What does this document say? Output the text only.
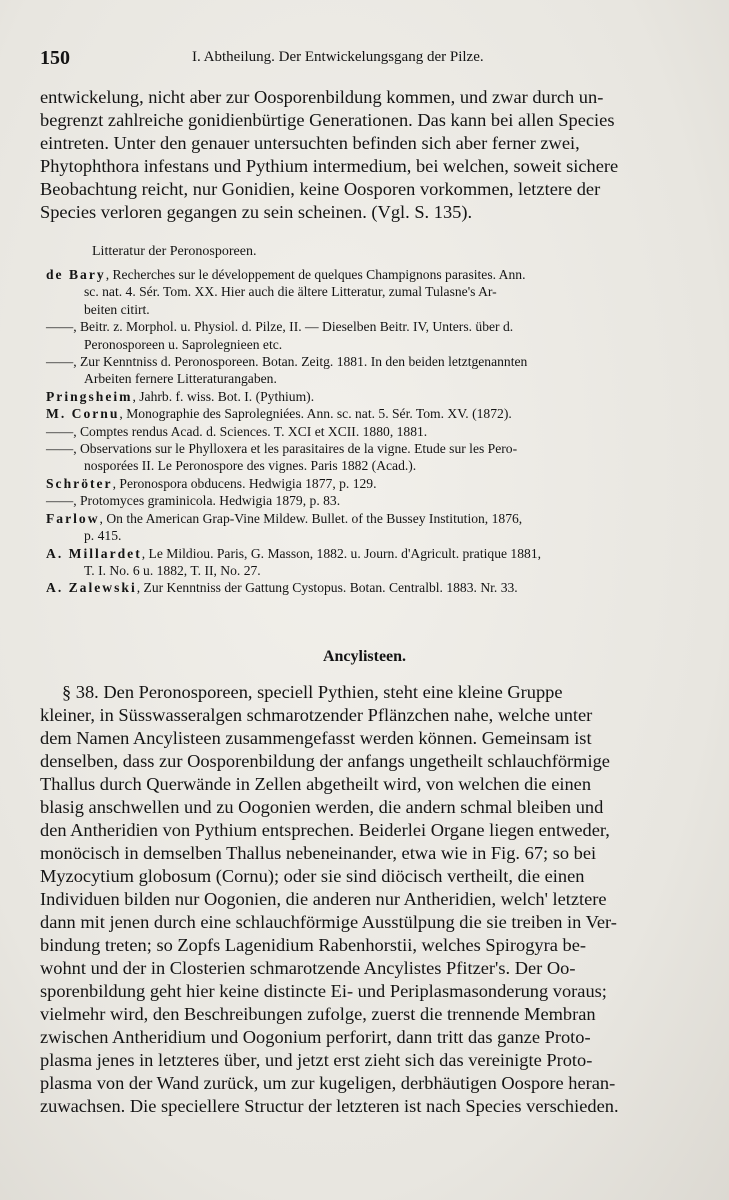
150	I. Abtheilung. Der Entwickelungsgang der Pilze.
entwickelung, nicht aber zur Oosporenbildung kommen, und zwar durch un-
begrenzt zahlreiche gonidienbürtige Generationen. Das kann bei allen Species
eintreten. Unter den genauer untersuchten befinden sich aber ferner zwei,
Phytophthora infestans und Pythium intermedium, bei welchen, soweit sichere
Beobachtung reicht, nur Gonidien, keine Oosporen vorkommen, letztere der
Species verloren gegangen zu sein scheinen. (Vgl. S. 135).
Litteratur der Peronosporeen.
de Bary, Recherches sur le développement de quelques Champignons parasites. Ann.
sc. nat. 4. Sér. Tom. XX. Hier auch die ältere Litteratur, zumal Tulasne's Ar-
beiten citirt.
——, Beitr. z. Morphol. u. Physiol. d. Pilze, II. — Dieselben Beitr. IV, Unters. über d.
Peronosporeen u. Saprolegnieen etc.
——, Zur Kenntniss d. Peronosporeen. Botan. Zeitg. 1881. In den beiden letztgenannten
Arbeiten fernere Litteraturangaben.
Pringsheim, Jahrb. f. wiss. Bot. I. (Pythium).
M. Cornu, Monographie des Saprolegniées. Ann. sc. nat. 5. Sér. Tom. XV. (1872).
——, Comptes rendus Acad. d. Sciences. T. XCI et XCII. 1880, 1881.
——, Observations sur le Phylloxera et les parasitaires de la vigne. Etude sur les Pero-
nosporées II. Le Peronospore des vignes. Paris 1882 (Acad.).
Schröter, Peronospora obducens. Hedwigia 1877, p. 129.
——, Protomyces graminicola. Hedwigia 1879, p. 83.
Farlow, On the American Grap-Vine Mildew. Bullet. of the Bussey Institution, 1876,
p. 415.
A. Millardet, Le Mildiou. Paris, G. Masson, 1882. u. Journ. d'Agricult. pratique 1881,
T. I. No. 6 u. 1882, T. II, No. 27.
A. Zalewski, Zur Kenntniss der Gattung Cystopus. Botan. Centralbl. 1883. Nr. 33.
Ancylisteen.
§ 38. Den Peronosporeen, speciell Pythien, steht eine kleine Gruppe
kleiner, in Süsswasseralgen schmarotzender Pflänzchen nahe, welche unter
dem Namen Ancylisteen zusammengefasst werden können. Gemeinsam ist
denselben, dass zur Oosporenbildung der anfangs ungetheilt schlauchförmige
Thallus durch Querwände in Zellen abgetheilt wird, von welchen die einen
blasig anschwellen und zu Oogonien werden, die andern schmal bleiben und
den Antheridien von Pythium entsprechen. Beiderlei Organe liegen entweder,
monöcisch in demselben Thallus nebeneinander, etwa wie in Fig. 67; so bei
Myzocytium globosum (Cornu); oder sie sind diöcisch vertheilt, die einen
Individuen bilden nur Oogonien, die anderen nur Antheridien, welch' letztere
dann mit jenen durch eine schlauchförmige Ausstülpung die sie treiben in Ver-
bindung treten; so Zopfs Lagenidium Rabenhorstii, welches Spirogyra be-
wohnt und der in Closterien schmarotzende Ancylistes Pfitzer's. Der Oo-
sporenbildung geht hier keine distincte Ei- und Periplasmasonderung voraus;
vielmehr wird, den Beschreibungen zufolge, zuerst die trennende Membran
zwischen Antheridium und Oogonium perforirt, dann tritt das ganze Proto-
plasma jenes in letzteres über, und jetzt erst zieht sich das vereinigte Proto-
plasma von der Wand zurück, um zur kugeligen, derbhäutigen Oospore heran-
zuwachsen. Die speciellere Structur der letzteren ist nach Species verschieden.
